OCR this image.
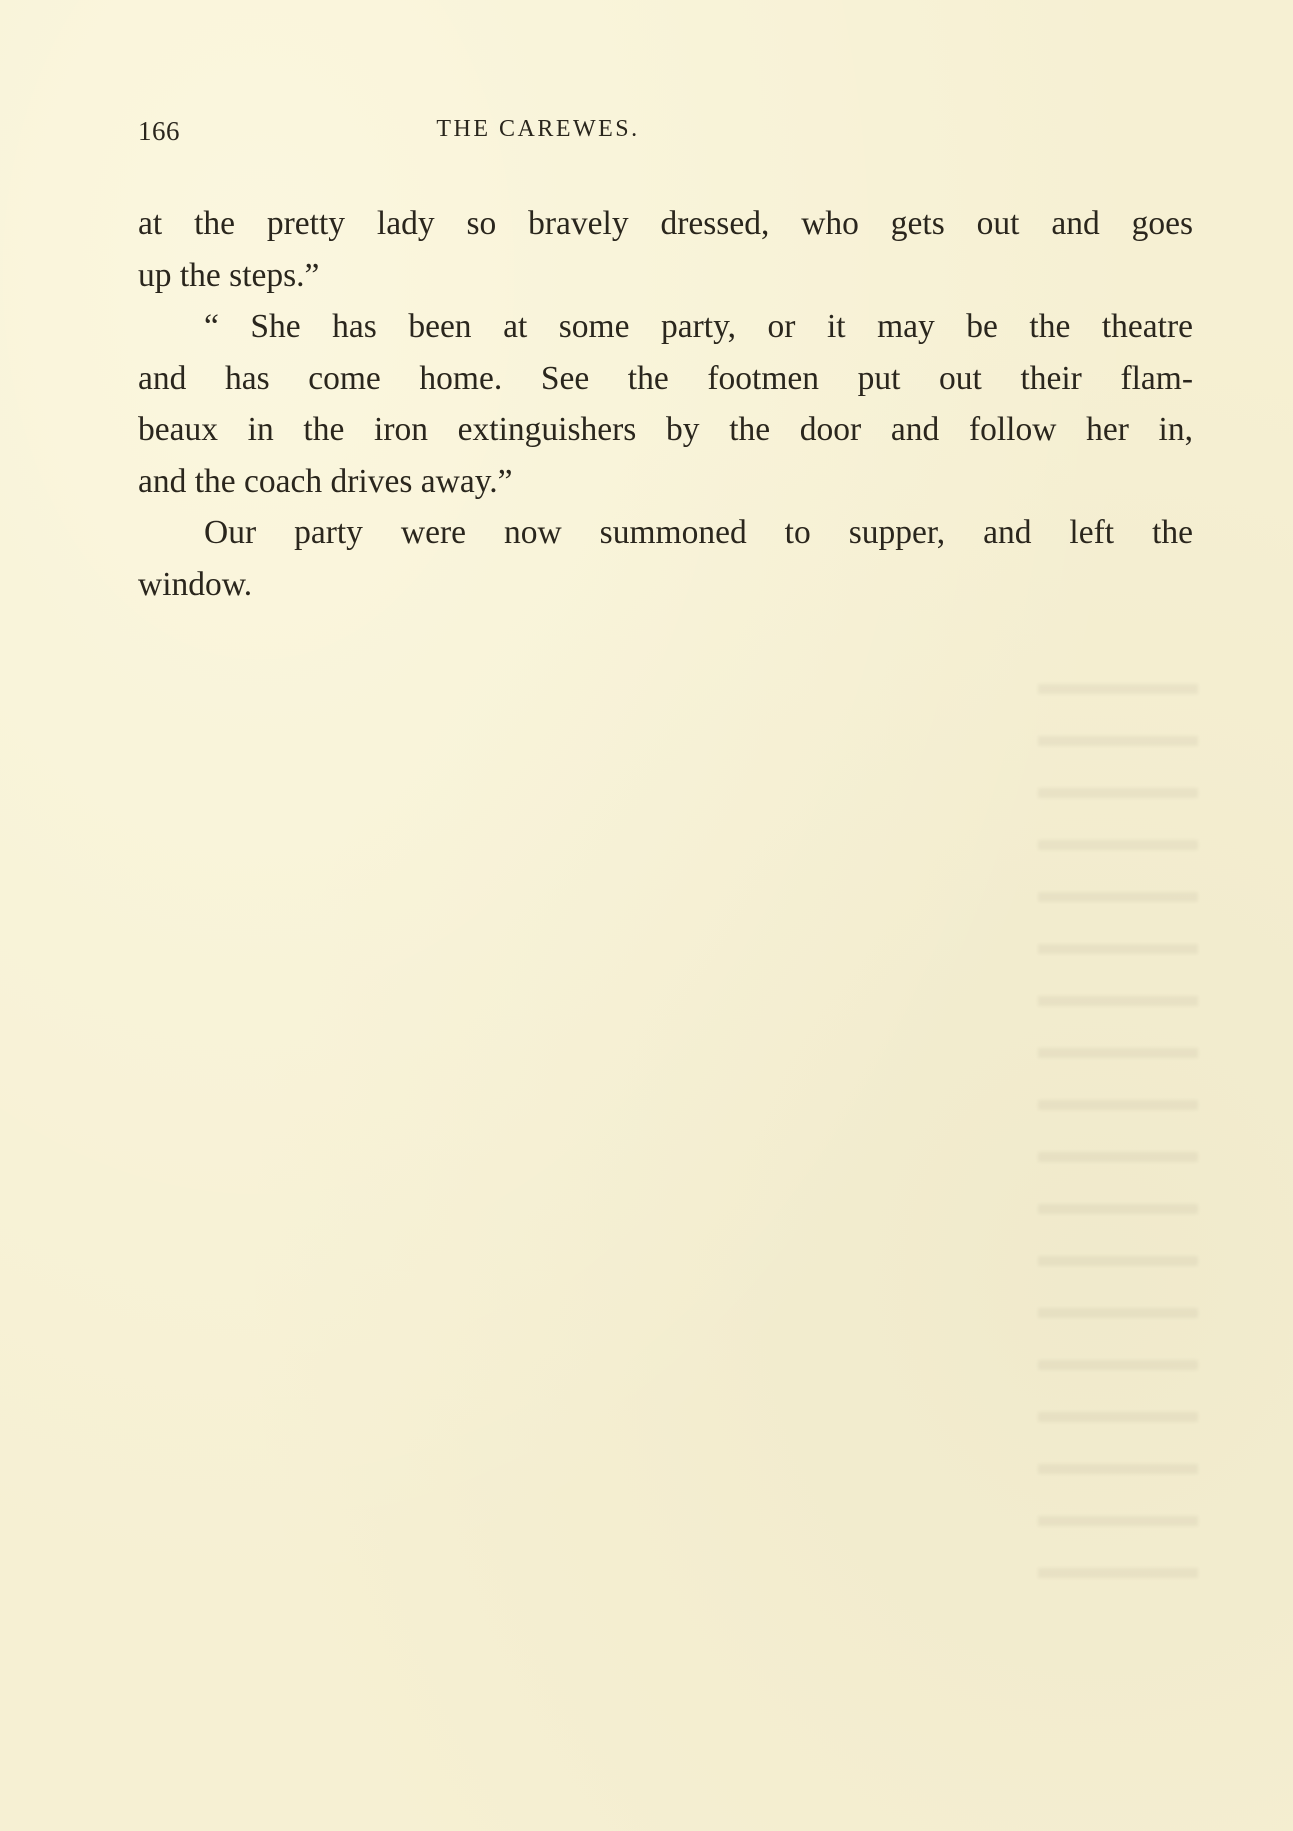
166	THE CAREWES.
at the pretty lady so bravely dressed, who gets out and goes
up the steps.”
“ She has been at some party, or it may be the theatre
and has come home. See the footmen put out their flam-
beaux in the iron extinguishers by the door and follow her in,
and the coach drives away.”
Our party were now summoned to supper, and left the
window.
